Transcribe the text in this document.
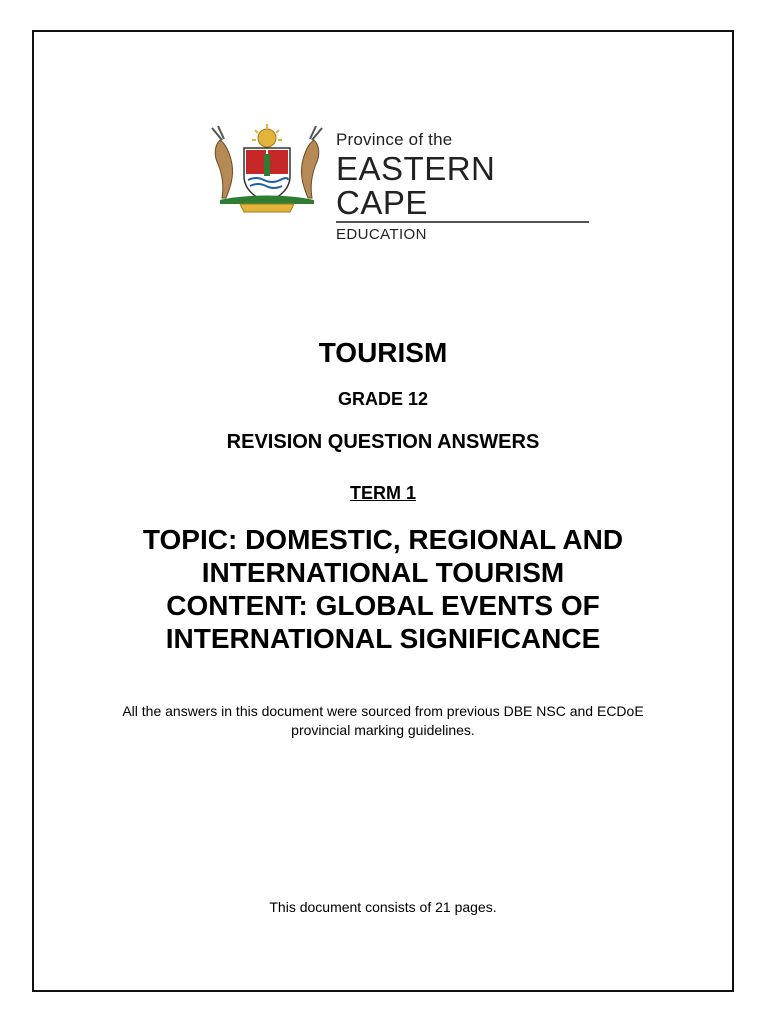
Province of the
EASTERN CAPE
EDUCATION
TOURISM
GRADE 12
REVISION QUESTION ANSWERS
TERM 1
TOPIC: DOMESTIC, REGIONAL AND
INTERNATIONAL TOURISM
CONTENT: GLOBAL EVENTS OF
INTERNATIONAL SIGNIFICANCE
All the answers in this document were sourced from previous DBE NSC and ECDoE
provincial marking guidelines.
This document consists of 21 pages.
